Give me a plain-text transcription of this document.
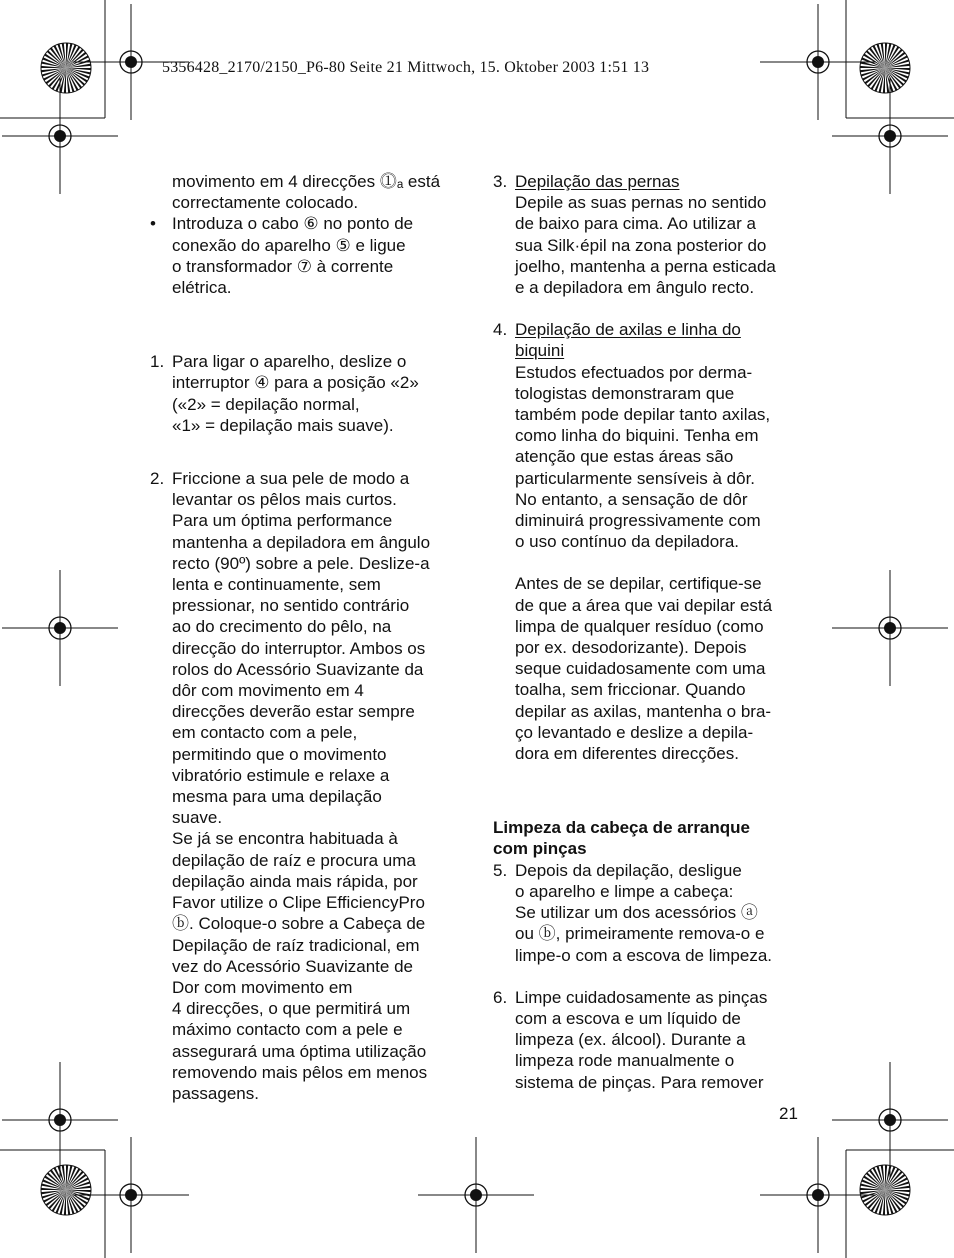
5356428_2170/2150_P6-80 Seite 21 Mittwoch, 15. Oktober 2003 1:51 13
movimento em 4 direcções ⓵ₐ está
correctamente colocado.
• Introduza o cabo ⑥ no ponto de
conexão do aparelho ⑤ e ligue
o transformador ⑦ à corrente
elétrica.
1. Para ligar o aparelho, deslize o
interruptor ④ para a posição «2»
(«2» = depilação normal,
«1» = depilação mais suave).
2. Friccione a sua pele de modo a
levantar os pêlos mais curtos.
Para um óptima performance
mantenha a depiladora em ângulo
recto (90º) sobre a pele. Deslize-a
lenta e continuamente, sem
pressionar, no sentido contrário
ao do crecimento do pêlo, na
direcção do interruptor. Ambos os
rolos do Acessório Suavizante da
dôr com movimento em 4
direcções deverão estar sempre
em contacto com a pele,
permitindo que o movimento
vibratório estimule e relaxe a
mesma para uma depilação
suave.
Se já se encontra habituada à
depilação de raíz e procura uma
depilação ainda mais rápida, por
Favor utilize o Clipe EfficiencyPro
ⓑ. Coloque-o sobre a Cabeça de
Depilação de raíz tradicional, em
vez do Acessório Suavizante de
Dor com movimento em
4 direcções, o que permitirá um
máximo contacto com a pele e
assegurará uma óptima utilização
removendo mais pêlos em menos
passagens.
3. Depilação das pernas
Depile as suas pernas no sentido
de baixo para cima. Ao utilizar a
sua Silk·épil na zona posterior do
joelho, mantenha a perna esticada
e a depiladora em ângulo recto.
4. Depilação de axilas e linha do
biquini
Estudos efectuados por derma-
tologistas demonstraram que
também pode depilar tanto axilas,
como linha do biquini. Tenha em
atenção que estas áreas são
particularmente sensíveis à dôr.
No entanto, a sensação de dôr
diminuirá progressivamente com
o uso contínuo da depiladora.
Antes de se depilar, certifique-se
de que a área que vai depilar está
limpa de qualquer resíduo (como
por ex. desodorizante). Depois
seque cuidadosamente com uma
toalha, sem friccionar. Quando
depilar as axilas, mantenha o bra-
ço levantado e deslize a depila-
dora em diferentes direcções.
Limpeza da cabeça de arranque
com pinças
5. Depois da depilação, desligue
o aparelho e limpe a cabeça:
Se utilizar um dos acessórios ⓐ
ou ⓑ, primeiramente remova-o e
limpe-o com a escova de limpeza.
6. Limpe cuidadosamente as pinças
com a escova e um líquido de
limpeza (ex. álcool). Durante a
limpeza rode manualmente o
sistema de pinças. Para remover
21
